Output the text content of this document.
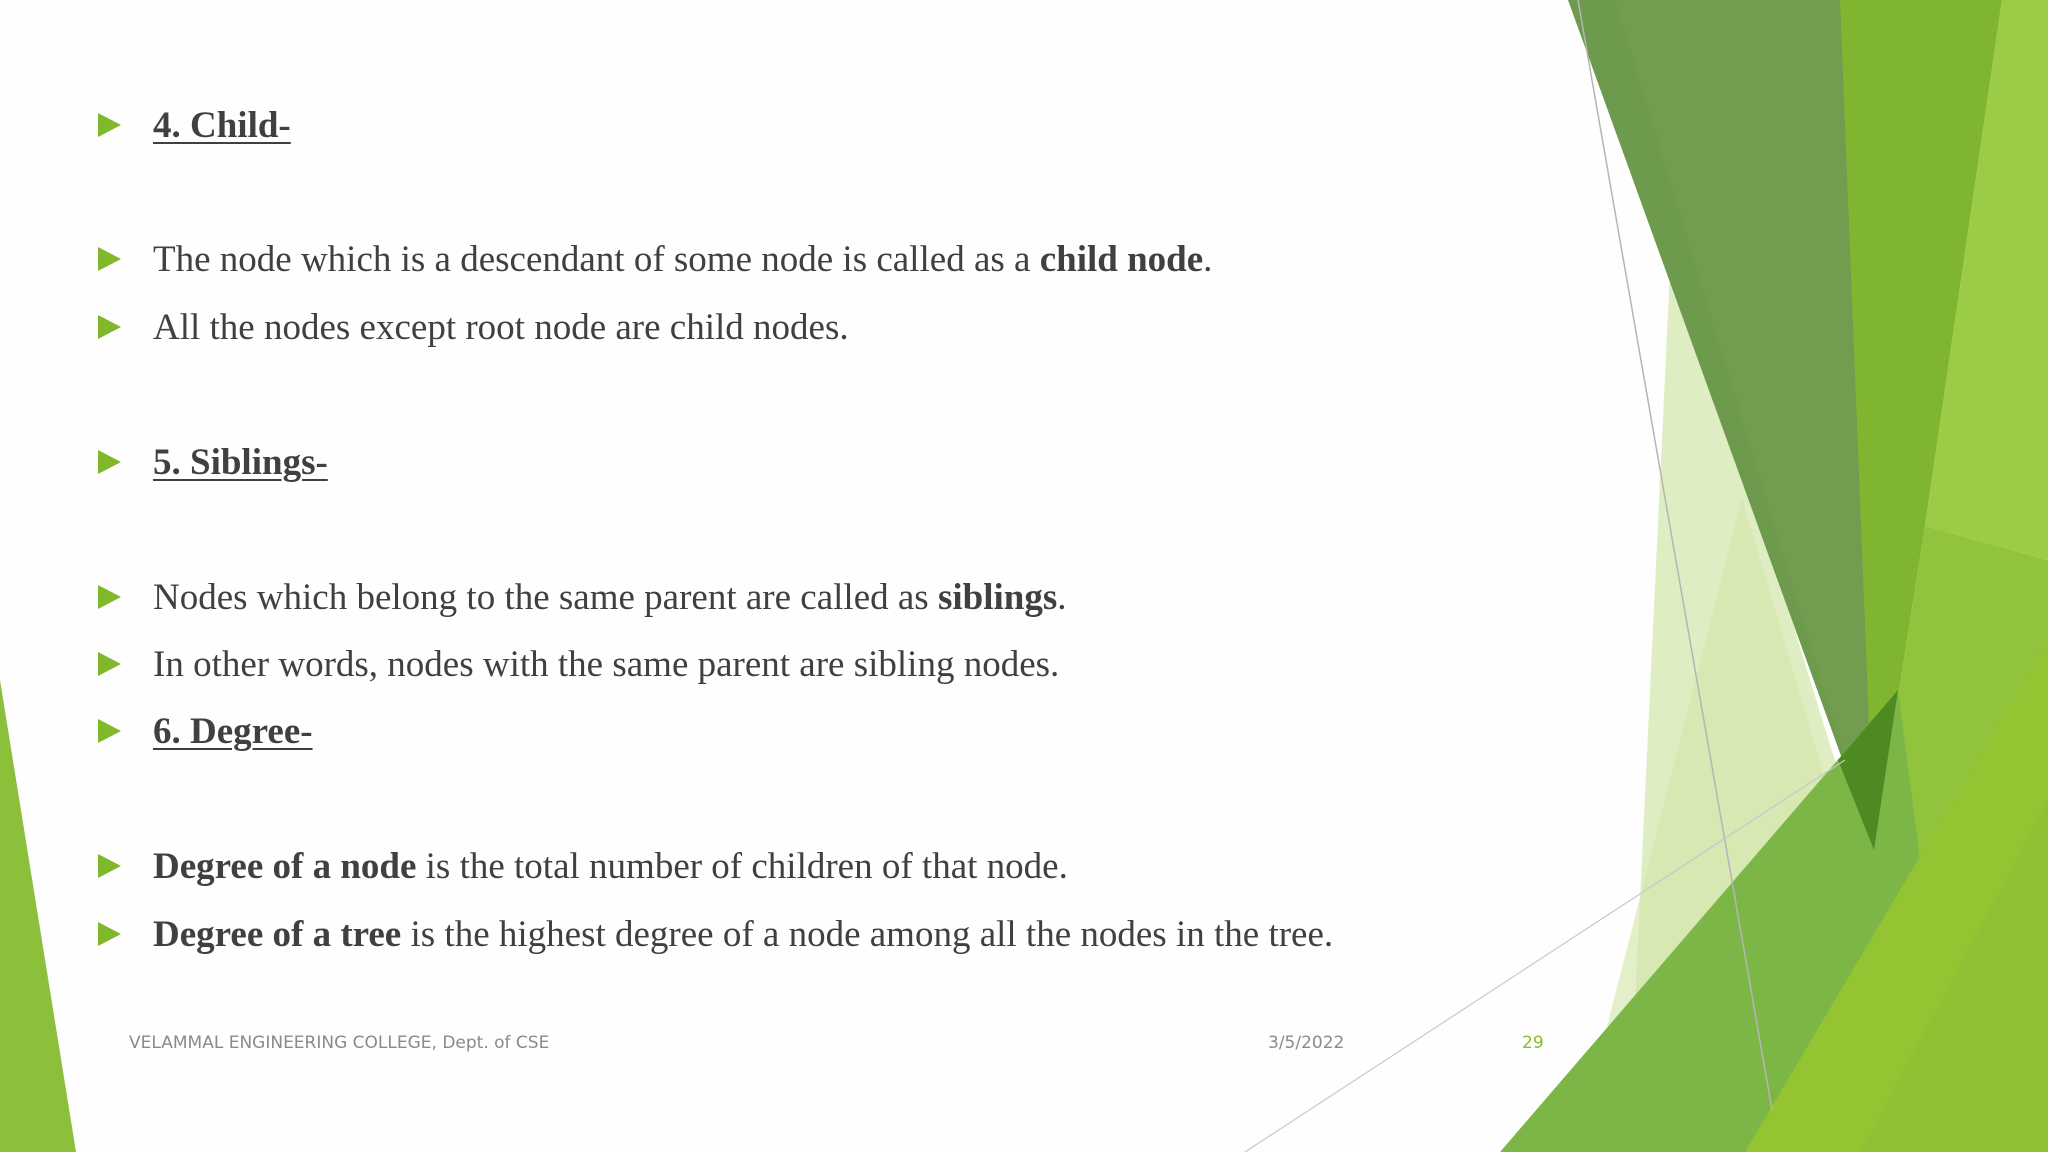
4. Child-
The node which is a descendant of some node is called as a child node.
All the nodes except root node are child nodes.
5. Siblings-
Nodes which belong to the same parent are called as siblings.
In other words, nodes with the same parent are sibling nodes.
6. Degree-
Degree of a node is the total number of children of that node.
Degree of a tree is the highest degree of a node among all the nodes in the tree.
VELAMMAL ENGINEERING COLLEGE, Dept. of CSE	3/5/2022	29
